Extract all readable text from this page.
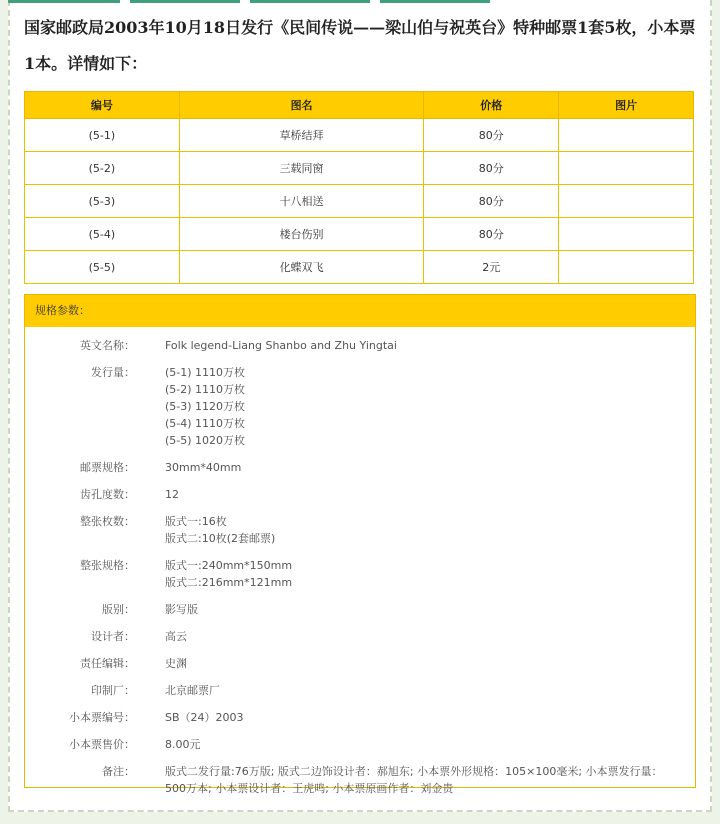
国家邮政局2003年10月18日发行《民间传说——梁山伯与祝英台》特种邮票1套5枚，小本票1本。详情如下：
编号	图名	价格	图片
(5-1)	草桥结拜	80分	
(5-2)	三载同窗	80分	
(5-3)	十八相送	80分	
(5-4)	楼台伤别	80分	
(5-5)	化蝶双飞	2元	
规格参数：
英文名称：	Folk legend-Liang Shanbo and Zhu Yingtai
发行量：	(5-1) 1110万枚
(5-2) 1110万枚
(5-3) 1120万枚
(5-4) 1110万枚
(5-5) 1020万枚
邮票规格：	30mm*40mm
齿孔度数：	12
整张枚数：	版式一:16枚
版式二:10枚(2套邮票)
整张规格：	版式一:240mm*150mm
版式二:216mm*121mm
版别：	影写版
设计者：	高云
责任编辑：	史渊
印制厂：	北京邮票厂
小本票编号：	SB（24）2003
小本票售价：	8.00元
备注：	版式二发行量:76万版; 版式二边饰设计者：郝旭东; 小本票外形规格：105×100毫米; 小本票发行量：500万本; 小本票设计者：王虎鸣; 小本票原画作者：刘金贵
